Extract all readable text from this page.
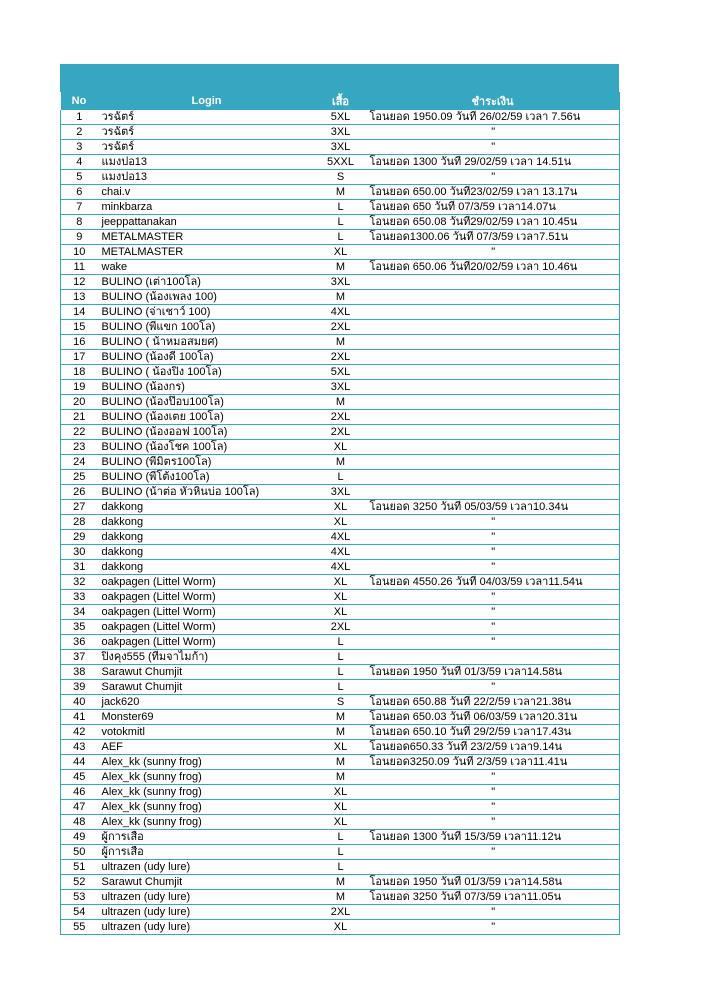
No	Login	เสื้อ	ชำระเงิน
1	วรฉัตร์	5XL	โอนยอด 1950.09 วันที่ 26/02/59 เวลา 7.56น
2	วรฉัตร์	3XL	"
3	วรฉัตร์	3XL	"
4	แมงปอ13	5XXL	โอนยอด 1300 วันที่ 29/02/59 เวลา 14.51น
5	แมงปอ13	S	"
6	chai.v	M	โอนยอด 650.00 วันที่23/02/59 เวลา 13.17น
7	minkbarza	L	โอนยอด 650 วันที่ 07/3/59 เวลา14.07น
8	jeeppattanakan	L	โอนยอด 650.08 วันที่29/02/59 เวลา 10.45น
9	METALMASTER	L	โอนยอด1300.06 วันที่ 07/3/59 เวลา7.51น
10	METALMASTER	XL	"
11	wake	M	โอนยอด 650.06 วันที่20/02/59 เวลา 10.46น
12	BULINO (เต่า100โล)	3XL	
13	BULINO (น้องเพลง 100)	M	
14	BULINO (จ่าเชาว์ 100)	4XL	
15	BULINO (พี่แขก 100โล)	2XL	
16	BULINO ( น้าหมอสมยศ)	M	
17	BULINO (น้องดี 100โล)	2XL	
18	BULINO ( น้องปิง 100โล)	5XL	
19	BULINO (น้องกร)	3XL	
20	BULINO (น้องป๊อบ100โล)	M	
21	BULINO (น้องเตย 100โล)	2XL	
22	BULINO (น้องออฟ 100โล)	2XL	
23	BULINO (น้องโชค 100โล)	XL	
24	BULINO (พี่มิตร100โล)	M	
25	BULINO (พี่โต้ง100โล)	L	
26	BULINO (น้าต่อ หัวหินบ่อ 100โล)	3XL	
27	dakkong	XL	โอนยอด 3250 วันที่ 05/03/59 เวลา10.34น
28	dakkong	XL	"
29	dakkong	4XL	"
30	dakkong	4XL	"
31	dakkong	4XL	"
32	oakpagen (Littel Worm)	XL	โอนยอด 4550.26 วันที่ 04/03/59 เวลา11.54น
33	oakpagen (Littel Worm)	XL	"
34	oakpagen (Littel Worm)	XL	"
35	oakpagen (Littel Worm)	2XL	"
36	oakpagen (Littel Worm)	L	"
37	ปิ่งคุง555 (ทีมจาไมก้า)	L	
38	Sarawut Chumjit	L	โอนยอด 1950 วันที่ 01/3/59 เวลา14.58น
39	Sarawut Chumjit	L	"
40	jack620	S	โอนยอด 650.88 วันที่ 22/2/59 เวลา21.38น
41	Monster69	M	โอนยอด 650.03 วันที่ 06/03/59 เวลา20.31น
42	votokmitl	M	โอนยอด 650.10 วันที่ 29/2/59 เวลา17.43น
43	AEF	XL	โอนยอด650.33 วันที่ 23/2/59 เวลา9.14น
44	Alex_kk (sunny frog)	M	โอนยอด3250.09 วันที่ 2/3/59 เวลา11.41น
45	Alex_kk (sunny frog)	M	"
46	Alex_kk (sunny frog)	XL	"
47	Alex_kk (sunny frog)	XL	"
48	Alex_kk (sunny frog)	XL	"
49	ผู้การเสือ	L	โอนยอด 1300 วันที่ 15/3/59 เวลา11.12น
50	ผู้การเสือ	L	"
51	ultrazen (udy lure)	L	
52	Sarawut Chumjit	M	โอนยอด 1950 วันที่ 01/3/59 เวลา14.58น
53	ultrazen (udy lure)	M	โอนยอด 3250 วันที่ 07/3/59 เวลา11.05น
54	ultrazen (udy lure)	2XL	"
55	ultrazen (udy lure)	XL	"
